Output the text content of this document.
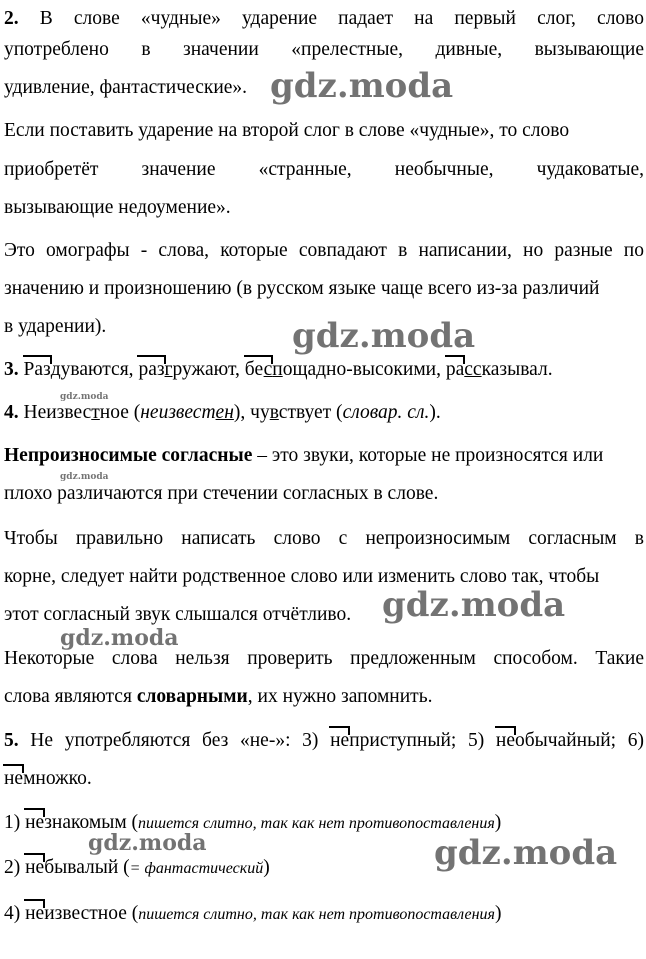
2. В слове «чудные» ударение падает на первый слог, слово
употреблено в значении «прелестные, дивные, вызывающие
удивление, фантастические».
Если поставить ударение на второй слог в слове «чудные», то слово
приобретёт значение «странные, необычные, чудаковатые,
вызывающие недоумение».
Это омографы - слова, которые совпадают в написании, но разные по
значению и произношению (в русском языке чаще всего из-за различий
в ударении).
3. Раздуваются, разгружают, беспощадно-высокими, рассказывал.
4. Неизвестное (неизвестен), чувствует (словар. сл.).
Непроизносимые согласные – это звуки, которые не произносятся или
плохо различаются при стечении согласных в слове.
Чтобы правильно написать слово с непроизносимым согласным в
корне, следует найти родственное слово или изменить слово так, чтобы
этот согласный звук слышался отчётливо.
Некоторые слова нельзя проверить предложенным способом. Такие
слова являются словарными, их нужно запомнить.
5. Не употребляются без «не-»: 3) неприступный; 5) необычайный; 6)
немножко.
1) незнакомым (пишется слитно, так как нет противопоставления)
2) небывалый (= фантастический)
4) неизвестное (пишется слитно, так как нет противопоставления)
gdz.moda
gdz.moda
gdz.moda
gdz.moda
gdz.moda
gdz.moda
gdz.moda	gdz.moda
